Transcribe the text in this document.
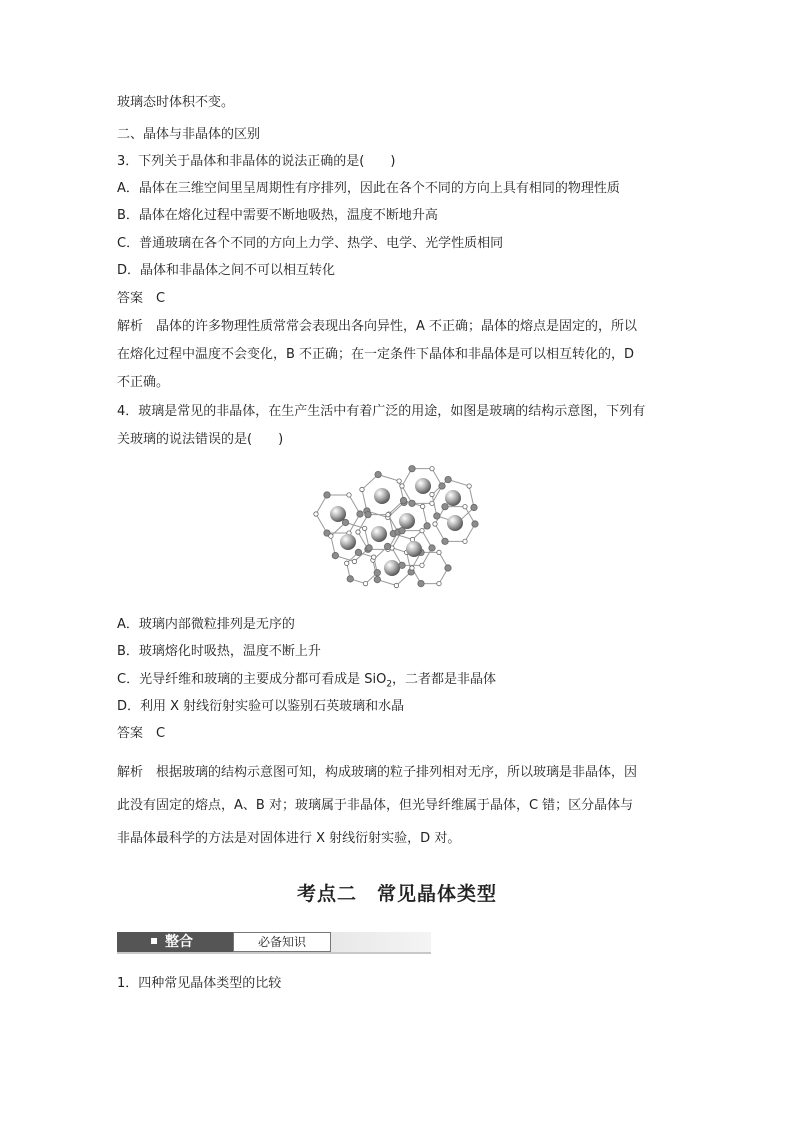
玻璃态时体积不变。
二、晶体与非晶体的区别
3．下列关于晶体和非晶体的说法正确的是(　　)
A．晶体在三维空间里呈周期性有序排列，因此在各个不同的方向上具有相同的物理性质
B．晶体在熔化过程中需要不断地吸热，温度不断地升高
C．普通玻璃在各个不同的方向上力学、热学、电学、光学性质相同
D．晶体和非晶体之间不可以相互转化
答案　C
解析　晶体的许多物理性质常常会表现出各向异性，A 不正确；晶体的熔点是固定的，所以
在熔化过程中温度不会变化，B 不正确；在一定条件下晶体和非晶体是可以相互转化的，D
不正确。
4．玻璃是常见的非晶体，在生产生活中有着广泛的用途，如图是玻璃的结构示意图，下列有
关玻璃的说法错误的是(　　)
A．玻璃内部微粒排列是无序的
B．玻璃熔化时吸热，温度不断上升
C．光导纤维和玻璃的主要成分都可看成是 SiO$_2$，二者都是非晶体
D．利用 X 射线衍射实验可以鉴别石英玻璃和水晶
答案　C
解析　根据玻璃的结构示意图可知，构成玻璃的粒子排列相对无序，所以玻璃是非晶体，因
此没有固定的熔点，A、B 对；玻璃属于非晶体，但光导纤维属于晶体，C 错；区分晶体与
非晶体最科学的方法是对固体进行 X 射线衍射实验，D 对。
考点二　常见晶体类型
整合	必备知识
1．四种常见晶体类型的比较
